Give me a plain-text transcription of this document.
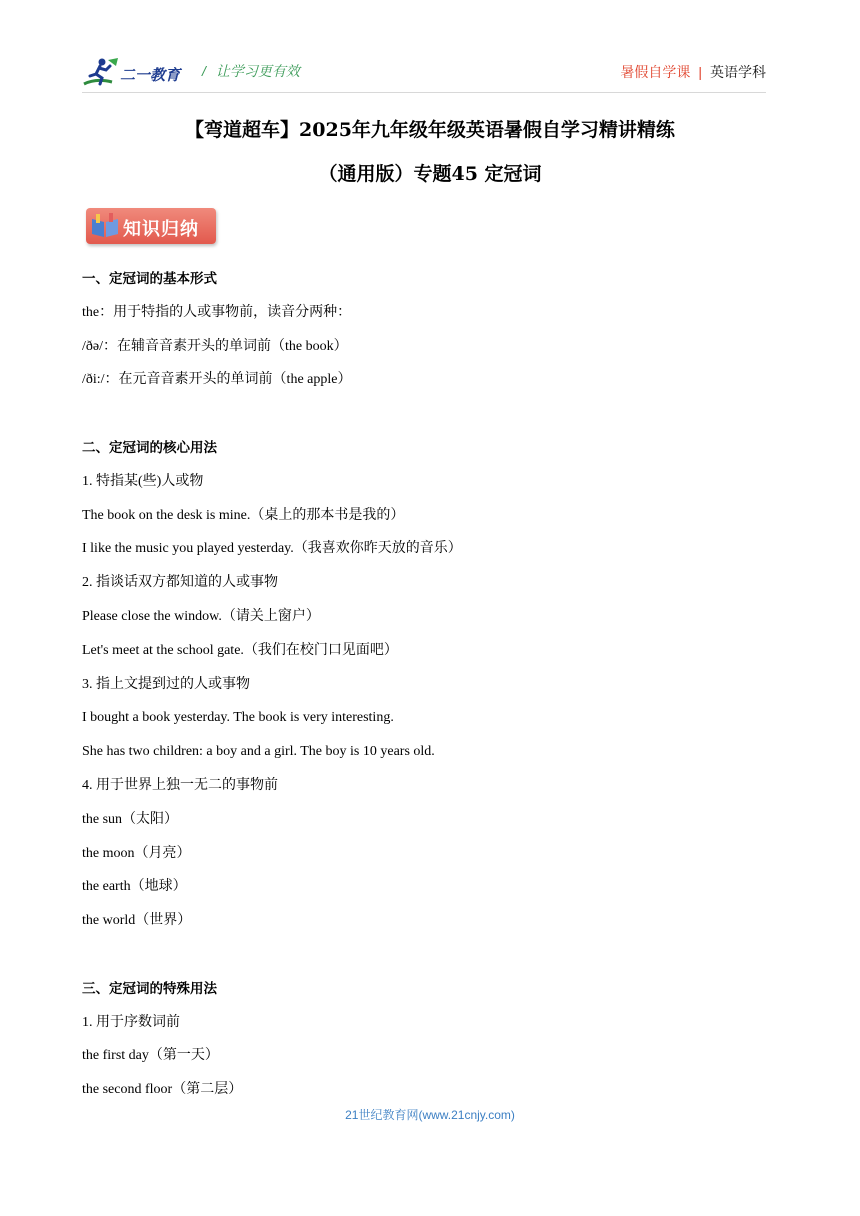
二一教育 / 让学习更有效	暑假自学课 | 英语学科
【弯道超车】2025年九年级年级英语暑假自学习精讲精练
（通用版）专题45 定冠词
知识归纳
一、定冠词的基本形式
the：用于特指的人或事物前，读音分两种：
/ðə/：在辅音音素开头的单词前（the book）
/ði:/：在元音音素开头的单词前（the apple）
二、定冠词的核心用法
1. 特指某(些)人或物
The book on the desk is mine.（桌上的那本书是我的）
I like the music you played yesterday.（我喜欢你昨天放的音乐）
2. 指谈话双方都知道的人或事物
Please close the window.（请关上窗户）
Let's meet at the school gate.（我们在校门口见面吧）
3. 指上文提到过的人或事物
I bought a book yesterday. The book is very interesting.
She has two children: a boy and a girl. The boy is 10 years old.
4. 用于世界上独一无二的事物前
the sun（太阳）
the moon（月亮）
the earth（地球）
the world（世界）
三、定冠词的特殊用法
1. 用于序数词前
the first day（第一天）
the second floor（第二层）
21世纪教育网(www.21cnjy.com)
